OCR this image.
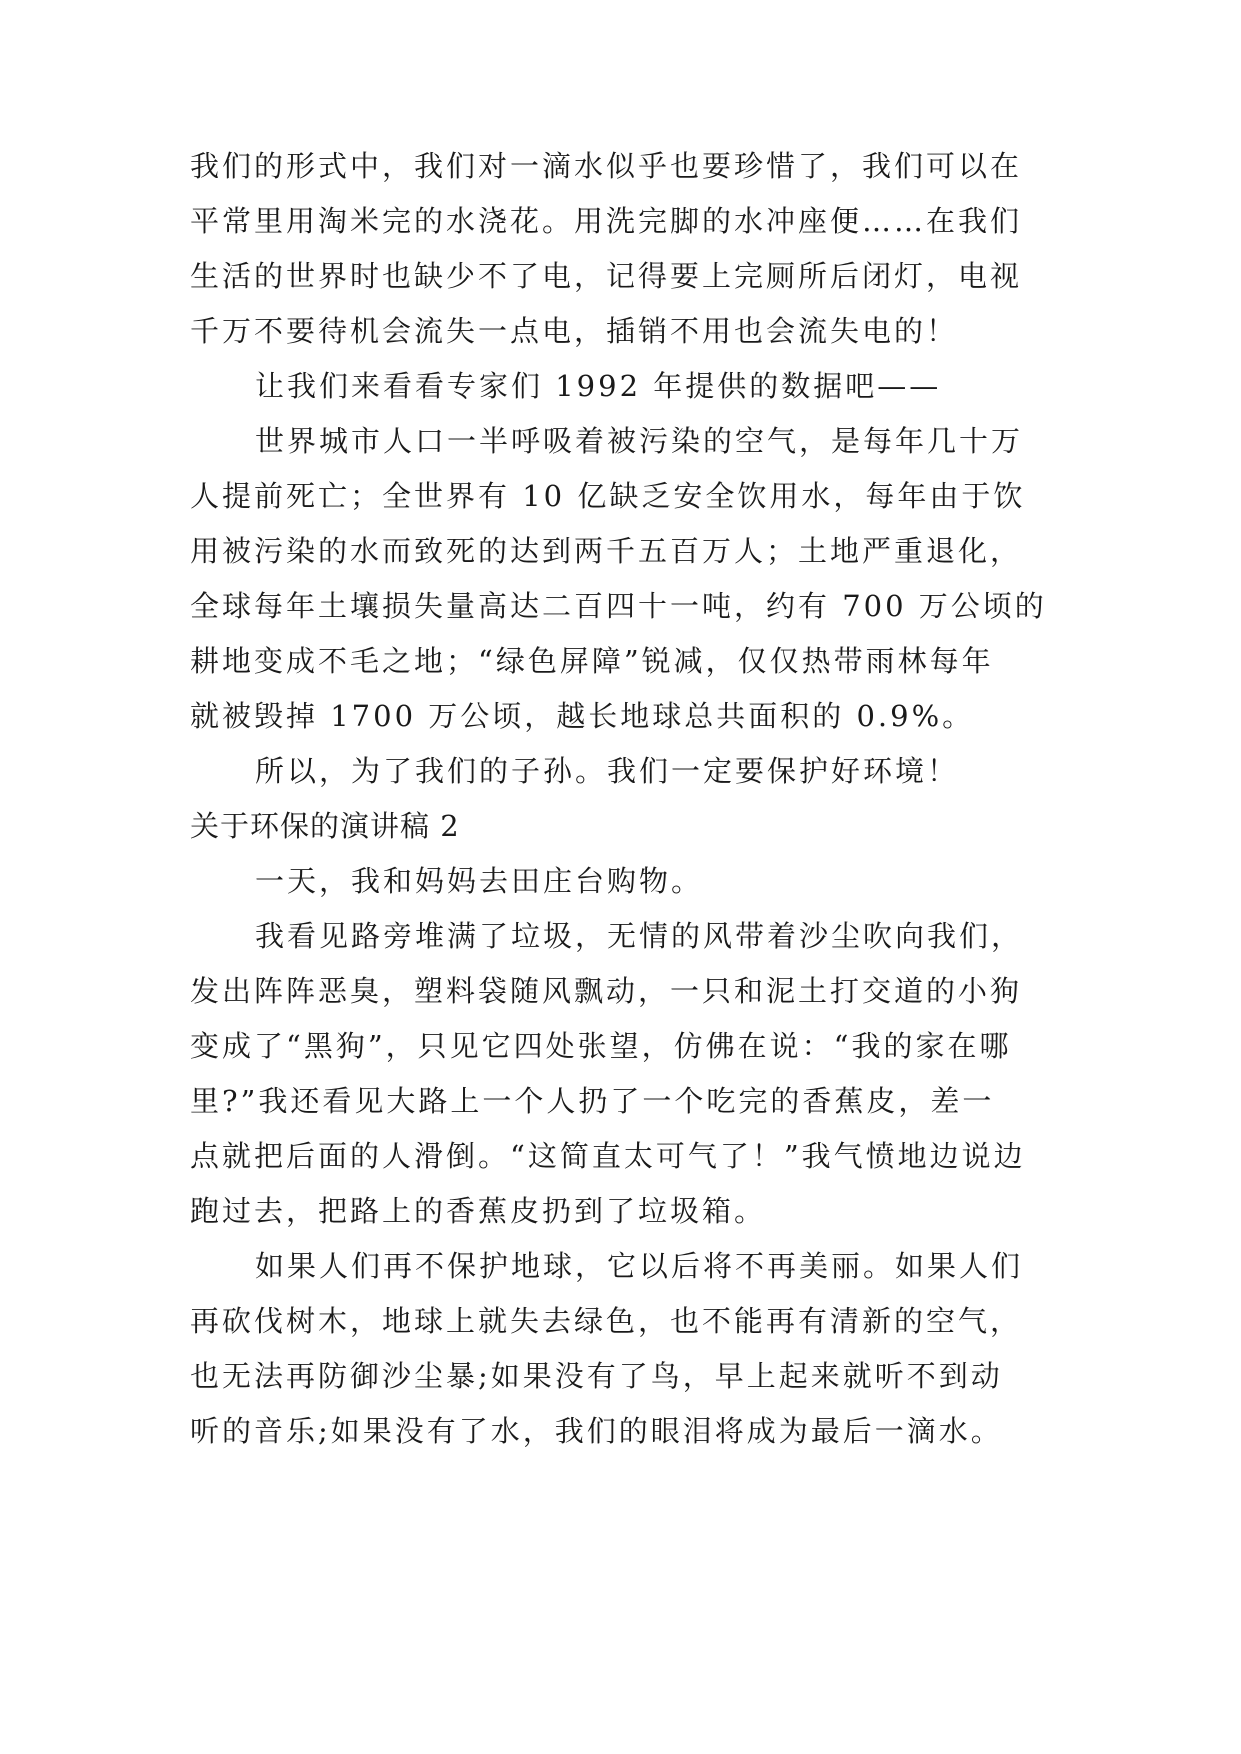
我们的形式中，我们对一滴水似乎也要珍惜了，我们可以在

平常里用淘米完的水浇花。用洗完脚的水冲座便……在我们

生活的世界时也缺少不了电，记得要上完厕所后闭灯，电视

千万不要待机会流失一点电，插销不用也会流失电的！

让我们来看看专家们 1992 年提供的数据吧——

世界城市人口一半呼吸着被污染的空气，是每年几十万

人提前死亡；全世界有 10 亿缺乏安全饮用水，每年由于饮

用被污染的水而致死的达到两千五百万人；土地严重退化，

全球每年土壤损失量高达二百四十一吨，约有 700 万公顷的

耕地变成不毛之地；“绿色屏障”锐减，仅仅热带雨林每年

就被毁掉 1700 万公顷，越长地球总共面积的 0.9%。

所以，为了我们的子孙。我们一定要保护好环境！

关于环保的演讲稿 2

一天，我和妈妈去田庄台购物。

我看见路旁堆满了垃圾，无情的风带着沙尘吹向我们，

发出阵阵恶臭，塑料袋随风飘动，一只和泥土打交道的小狗

变成了“黑狗”，只见它四处张望，仿佛在说：“我的家在哪

里?”我还看见大路上一个人扔了一个吃完的香蕉皮，差一

点就把后面的人滑倒。“这简直太可气了！”我气愤地边说边

跑过去，把路上的香蕉皮扔到了垃圾箱。

如果人们再不保护地球，它以后将不再美丽。如果人们

再砍伐树木，地球上就失去绿色，也不能再有清新的空气，

也无法再防御沙尘暴;如果没有了鸟，早上起来就听不到动

听的音乐;如果没有了水，我们的眼泪将成为最后一滴水。
